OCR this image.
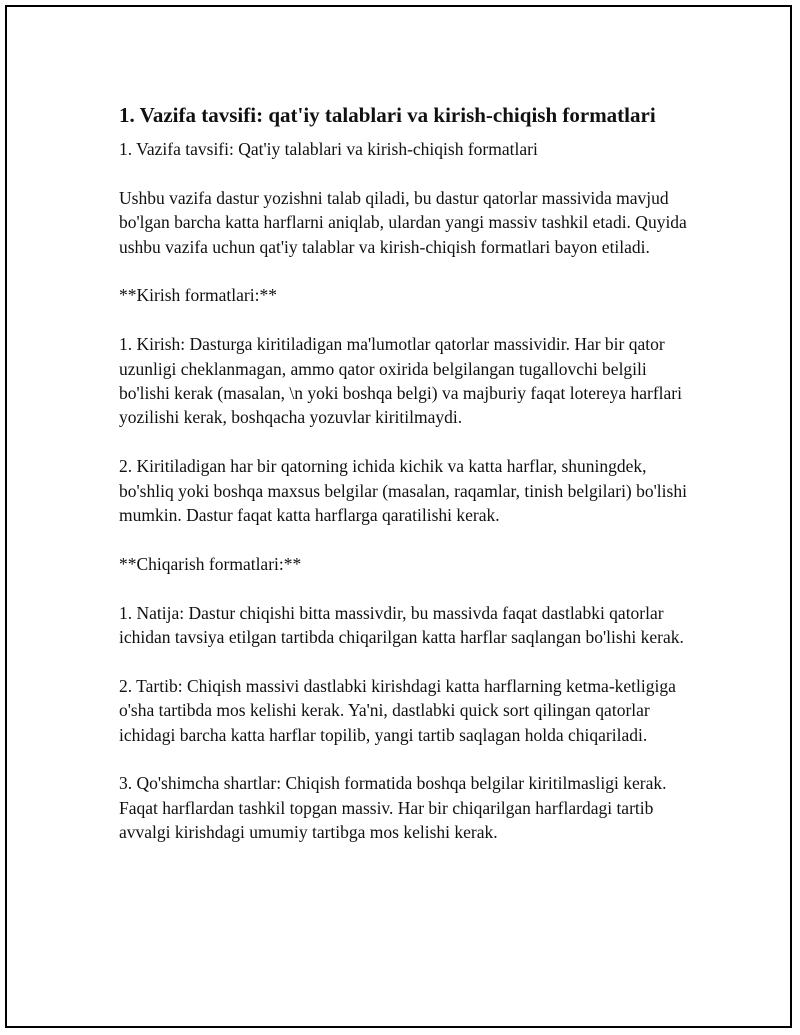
1. Vazifa tavsifi: qat'iy talablari va kirish-chiqish formatlari

1. Vazifa tavsifi: Qat'iy talablari va kirish-chiqish formatlari

Ushbu vazifa dastur yozishni talab qiladi, bu dastur qatorlar massivida mavjud bo'lgan barcha katta harflarni aniqlab, ulardan yangi massiv tashkil etadi. Quyida ushbu vazifa uchun qat'iy talablar va kirish-chiqish formatlari bayon etiladi.

**Kirish formatlari:**

1. Kirish: Dasturga kiritiladigan ma'lumotlar qatorlar massividir. Har bir qator uzunligi cheklanmagan, ammo qator oxirida belgilangan tugallovchi belgili bo'lishi kerak (masalan, \n yoki boshqa belgi) va majburiy faqat lotereya harflari yozilishi kerak, boshqacha yozuvlar kiritilmaydi.

2. Kiritiladigan har bir qatorning ichida kichik va katta harflar, shuningdek, bo'shliq yoki boshqa maxsus belgilar (masalan, raqamlar, tinish belgilari) bo'lishi mumkin. Dastur faqat katta harflarga qaratilishi kerak.

**Chiqarish formatlari:**

1. Natija: Dastur chiqishi bitta massivdir, bu massivda faqat dastlabki qatorlar ichidan tavsiya etilgan tartibda chiqarilgan katta harflar saqlangan bo'lishi kerak.

2. Tartib: Chiqish massivi dastlabki kirishdagi katta harflarning ketma-ketligiga o'sha tartibda mos kelishi kerak. Ya'ni, dastlabki quick sort qilingan qatorlar ichidagi barcha katta harflar topilib, yangi tartib saqlagan holda chiqariladi.

3. Qo'shimcha shartlar: Chiqish formatida boshqa belgilar kiritilmasligi kerak. Faqat harflardan tashkil topgan massiv. Har bir chiqarilgan harflardagi tartib avvalgi kirishdagi umumiy tartibga mos kelishi kerak.
